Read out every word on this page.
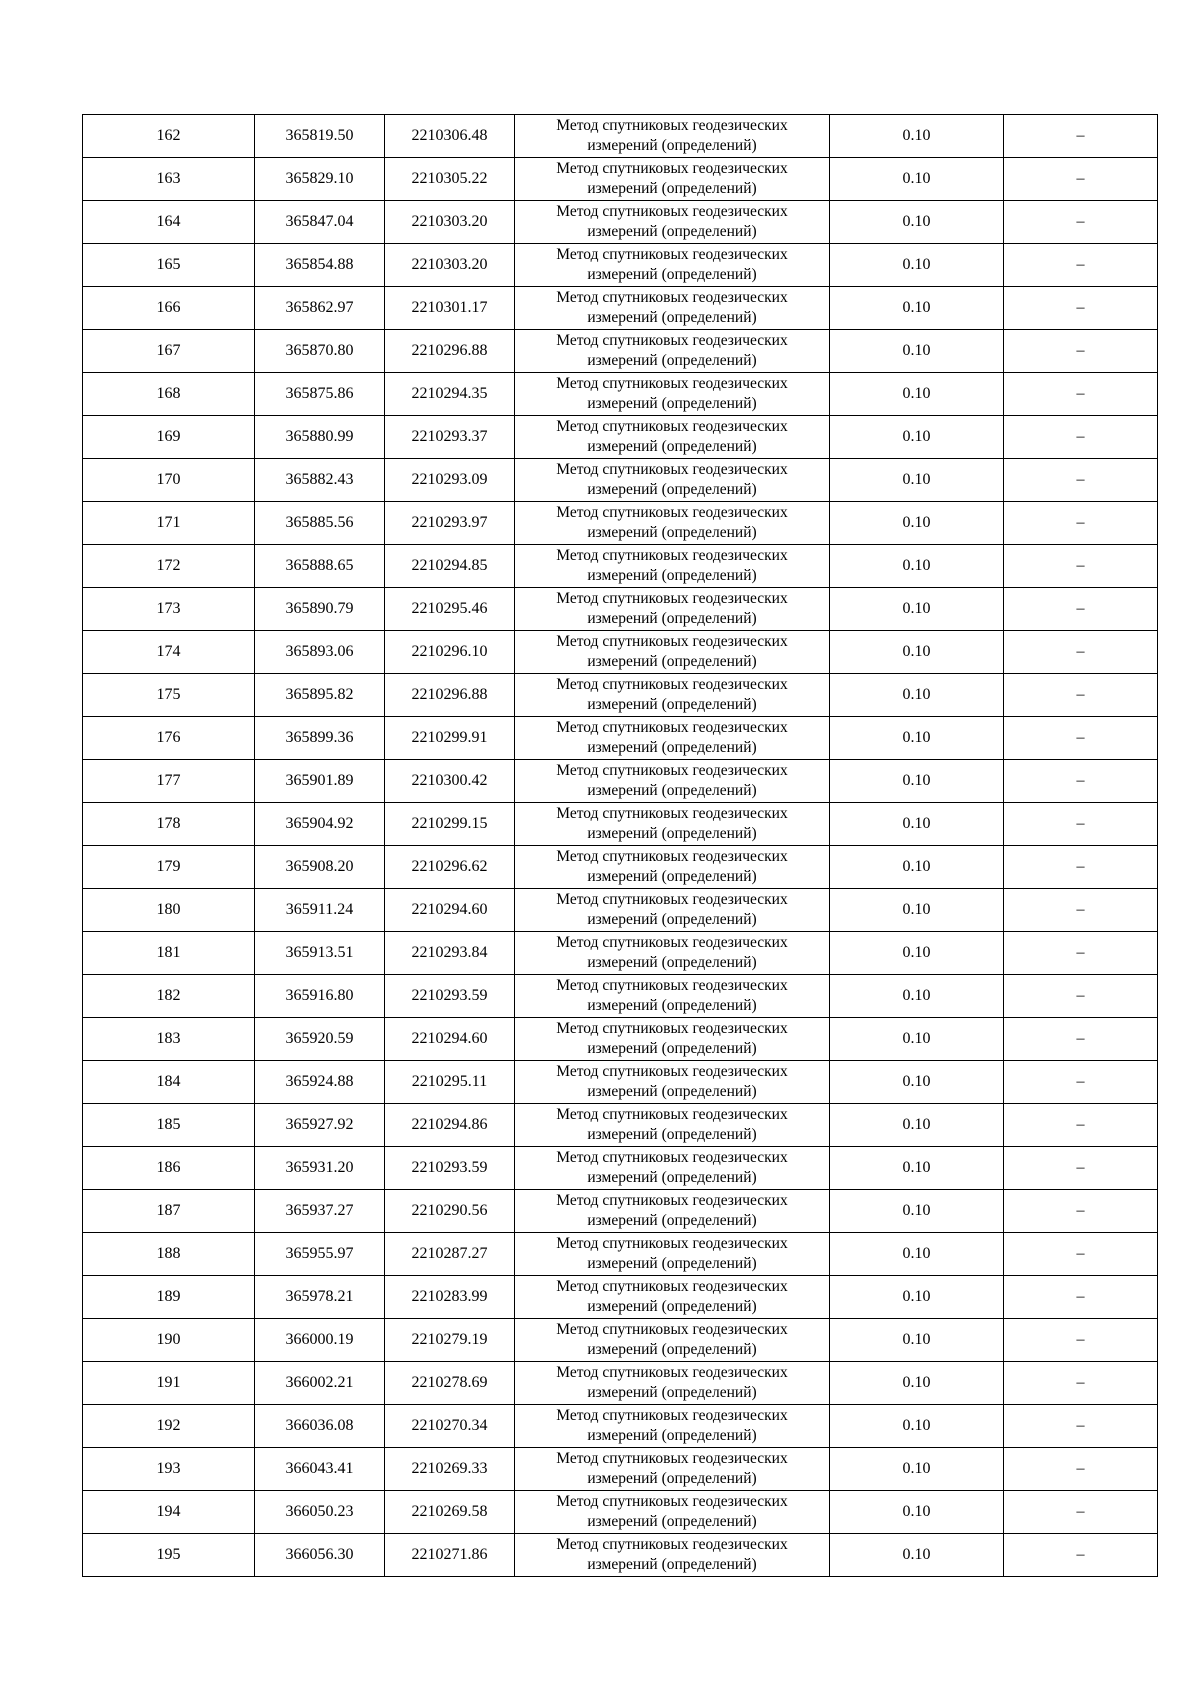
162	365819.50	2210306.48	Метод спутниковых геодезических
измерений (определений)	0.10	–
163	365829.10	2210305.22	Метод спутниковых геодезических
измерений (определений)	0.10	–
164	365847.04	2210303.20	Метод спутниковых геодезических
измерений (определений)	0.10	–
165	365854.88	2210303.20	Метод спутниковых геодезических
измерений (определений)	0.10	–
166	365862.97	2210301.17	Метод спутниковых геодезических
измерений (определений)	0.10	–
167	365870.80	2210296.88	Метод спутниковых геодезических
измерений (определений)	0.10	–
168	365875.86	2210294.35	Метод спутниковых геодезических
измерений (определений)	0.10	–
169	365880.99	2210293.37	Метод спутниковых геодезических
измерений (определений)	0.10	–
170	365882.43	2210293.09	Метод спутниковых геодезических
измерений (определений)	0.10	–
171	365885.56	2210293.97	Метод спутниковых геодезических
измерений (определений)	0.10	–
172	365888.65	2210294.85	Метод спутниковых геодезических
измерений (определений)	0.10	–
173	365890.79	2210295.46	Метод спутниковых геодезических
измерений (определений)	0.10	–
174	365893.06	2210296.10	Метод спутниковых геодезических
измерений (определений)	0.10	–
175	365895.82	2210296.88	Метод спутниковых геодезических
измерений (определений)	0.10	–
176	365899.36	2210299.91	Метод спутниковых геодезических
измерений (определений)	0.10	–
177	365901.89	2210300.42	Метод спутниковых геодезических
измерений (определений)	0.10	–
178	365904.92	2210299.15	Метод спутниковых геодезических
измерений (определений)	0.10	–
179	365908.20	2210296.62	Метод спутниковых геодезических
измерений (определений)	0.10	–
180	365911.24	2210294.60	Метод спутниковых геодезических
измерений (определений)	0.10	–
181	365913.51	2210293.84	Метод спутниковых геодезических
измерений (определений)	0.10	–
182	365916.80	2210293.59	Метод спутниковых геодезических
измерений (определений)	0.10	–
183	365920.59	2210294.60	Метод спутниковых геодезических
измерений (определений)	0.10	–
184	365924.88	2210295.11	Метод спутниковых геодезических
измерений (определений)	0.10	–
185	365927.92	2210294.86	Метод спутниковых геодезических
измерений (определений)	0.10	–
186	365931.20	2210293.59	Метод спутниковых геодезических
измерений (определений)	0.10	–
187	365937.27	2210290.56	Метод спутниковых геодезических
измерений (определений)	0.10	–
188	365955.97	2210287.27	Метод спутниковых геодезических
измерений (определений)	0.10	–
189	365978.21	2210283.99	Метод спутниковых геодезических
измерений (определений)	0.10	–
190	366000.19	2210279.19	Метод спутниковых геодезических
измерений (определений)	0.10	–
191	366002.21	2210278.69	Метод спутниковых геодезических
измерений (определений)	0.10	–
192	366036.08	2210270.34	Метод спутниковых геодезических
измерений (определений)	0.10	–
193	366043.41	2210269.33	Метод спутниковых геодезических
измерений (определений)	0.10	–
194	366050.23	2210269.58	Метод спутниковых геодезических
измерений (определений)	0.10	–
195	366056.30	2210271.86	Метод спутниковых геодезических
измерений (определений)	0.10	–
